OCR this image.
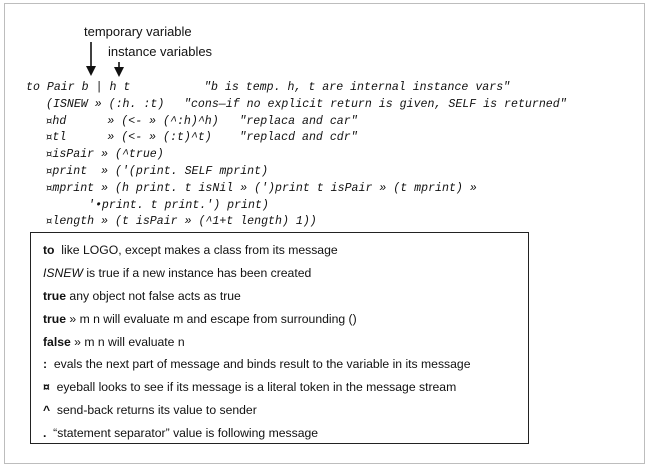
temporary variable
instance variables
to Pair b | h t	"b is temp. h, t are internal instance vars"
(ISNEW » (:h. :t) "cons—if no explicit return is given, SELF is returned"
¤hd	» (<- » (^:h)^h) "replaca and car"
¤tl	» (<- » (:t)^t) "replacd and cdr"
¤isPair » (^true)
¤print  » ('(print. SELF mprint)
¤mprint » (h print. t isNil » (')print t isPair » (t mprint) »
'•print. t print.') print)
¤length » (t isPair » (^1+t length) 1))
to like LOGO, except makes a class from its message
ISNEW is true if a new instance has been created
true any object not false acts as true
true » m n will evaluate m and escape from surrounding ()
false » m n will evaluate n
: evals the next part of message and binds result to the variable in its message
¤ eyeball looks to see if its message is a literal token in the message stream
^ send-back returns its value to sender
. “statement separator” value is following message
